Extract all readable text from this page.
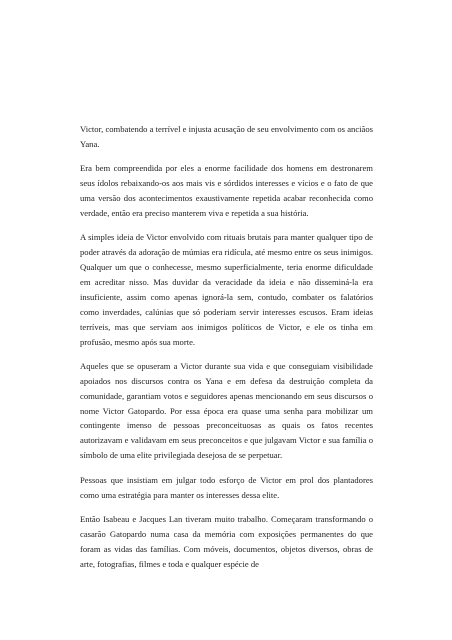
Victor, combatendo a terrível e injusta acusação de seu envolvimento com os anciãos Yana.

Era bem compreendida por eles a enorme facilidade dos homens em destronarem seus ídolos rebaixando-os aos mais vis e sórdidos interesses e vícios e o fato de que uma versão dos acontecimentos exaustivamente repetida acabar reconhecida como verdade, então era preciso manterem viva e repetida a sua história.

A simples ideia de Victor envolvido com rituais brutais para manter qualquer tipo de poder através da adoração de múmias era ridícula, até mesmo entre os seus inimigos. Qualquer um que o conhecesse, mesmo superficialmente, teria enorme dificuldade em acreditar nisso. Mas duvidar da veracidade da ideia e não disseminá-la era insuficiente, assim como apenas ignorá-la sem, contudo, combater os falatórios como inverdades, calúnias que só poderiam servir interesses escusos. Eram ideias terríveis, mas que serviam aos inimigos políticos de Victor, e ele os tinha em profusão, mesmo após sua morte.

Aqueles que se opuseram a Victor durante sua vida e que conseguiam visibilidade apoiados nos discursos contra os Yana e em defesa da destruição completa da comunidade, garantiam votos e seguidores apenas mencionando em seus discursos o nome Victor Gatopardo. Por essa época era quase uma senha para mobilizar um contingente imenso de pessoas preconceituosas as quais os fatos recentes autorizavam e validavam em seus preconceitos e que julgavam Victor e sua família o símbolo de uma elite privilegiada desejosa de se perpetuar.

Pessoas que insistiam em julgar todo esforço de Victor em prol dos plantadores como uma estratégia para manter os interesses dessa elite.

Então Isabeau e Jacques Lan tiveram muito trabalho. Começaram transformando o casarão Gatopardo numa casa da memória com exposições permanentes do que foram as vidas das famílias. Com móveis, documentos, objetos diversos, obras de arte, fotografias, filmes e toda e qualquer espécie de
